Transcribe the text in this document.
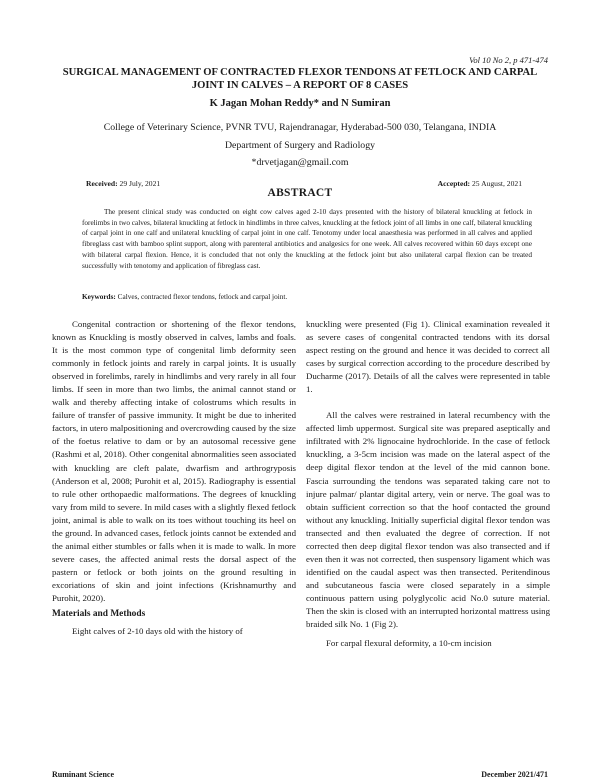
Vol 10 No 2, p 471-474
SURGICAL MANAGEMENT OF CONTRACTED FLEXOR TENDONS AT FETLOCK AND CARPAL JOINT IN CALVES – A REPORT OF 8 CASES
K Jagan Mohan Reddy* and N Sumiran
College of Veterinary Science, PVNR TVU, Rajendranagar, Hyderabad-500 030, Telangana, INDIA
Department of Surgery and Radiology
*drvetjagan@gmail.com
Received: 29 July, 2021	Accepted: 25 August, 2021
ABSTRACT

The present clinical study was conducted on eight cow calves aged 2-10 days presented with the history of bilateral knuckling at fetlock in forelimbs in two calves, bilateral knuckling at fetlock in hindlimbs in three calves, knuckling at the fetlock joint of all limbs in one calf, bilateral knuckling of carpal joint in one calf and unilateral knuckling of carpal joint in one calf. Tenotomy under local anaesthesia was performed in all calves and applied fibreglass cast with bamboo splint support, along with parenteral antibiotics and analgesics for one week. All calves recovered within 60 days except one with bilateral carpal flexion. Hence, it is concluded that not only the knuckling at the fetlock joint but also unilateral carpal flexion can be treated successfully with tenotomy and application of fibreglass cast.

Keywords: Calves, contracted flexor tendons, fetlock and carpal joint.

Congenital contraction or shortening of the flexor tendons, known as Knuckling is mostly observed in calves, lambs and foals. It is the most common type of congenital limb deformity seen commonly in fetlock joints and rarely in carpal joints. It is usually observed in forelimbs, rarely in hindlimbs and very rarely in all four limbs. If seen in more than two limbs, the animal cannot stand or walk and thereby affecting intake of colostrums which results in failure of transfer of passive immunity. It might be due to inherited factors, in utero malpositioning and overcrowding caused by the size of the foetus relative to dam or by an autosomal recessive gene (Rashmi et al, 2018). Other congenital abnormalities seen associated with knuckling are cleft palate, dwarfism and arthrogryposis (Anderson et al, 2008; Purohit et al, 2015). Radiography is essential to rule other orthopaedic malformations. The degrees of knuckling vary from mild to severe. In mild cases with a slightly flexed fetlock joint, animal is able to walk on its toes without touching its heel on the ground. In advanced cases, fetlock joints cannot be extended and the animal either stumbles or falls when it is made to walk. In more severe cases, the affected animal rests the dorsal aspect of the pastern or fetlock or both joints on the ground resulting in excoriations of skin and joint infections (Krishnamurthy and Purohit, 2020).

Materials and Methods

Eight calves of 2-10 days old with the history of

knuckling were presented (Fig 1). Clinical examination revealed it as severe cases of congenital contracted tendons with its dorsal aspect resting on the ground and hence it was decided to correct all cases by surgical correction according to the procedure described by Ducharme (2017). Details of all the calves were represented in table 1.

All the calves were restrained in lateral recumbency with the affected limb uppermost. Surgical site was prepared aseptically and infiltrated with 2% lignocaine hydrochloride. In the case of fetlock knuckling, a 3-5cm incision was made on the lateral aspect of the deep digital flexor tendon at the level of the mid cannon bone. Fascia surrounding the tendons was separated taking care not to injure palmar/ plantar digital artery, vein or nerve. The goal was to obtain sufficient correction so that the hoof contacted the ground without any knuckling. Initially superficial digital flexor tendon was transected and then evaluated the degree of correction. If not corrected then deep digital flexor tendon was also transected and if even then it was not corrected, then suspensory ligament which was identified on the caudal aspect was then transected. Peritendinous and subcutaneous fascia were closed separately in a simple continuous pattern using polyglycolic acid No.0 suture material. Then the skin is closed with an interrupted horizontal mattress using braided silk No. 1 (Fig 2).

For carpal flexural deformity, a 10-cm incision

Ruminant Science	December 2021/471
